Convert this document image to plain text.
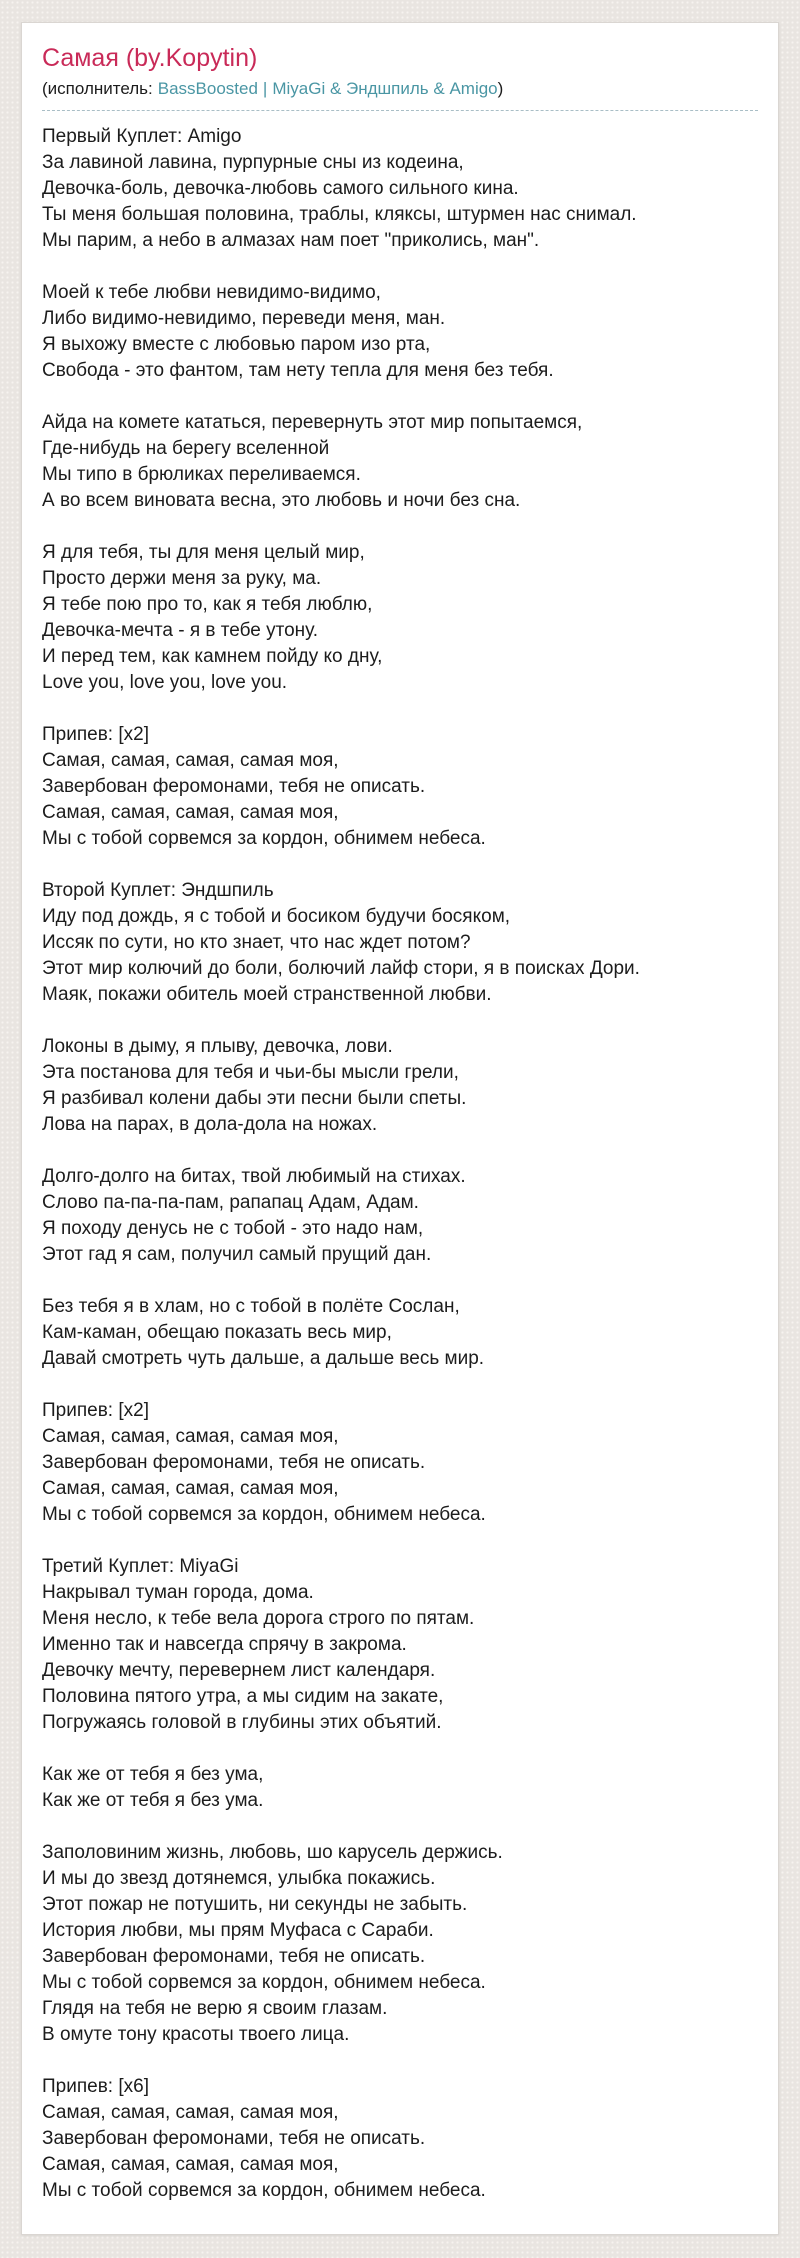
Самая (by.Kopytin)
(исполнитель: BassBoosted | MiyaGi & Эндшпиль & Amigo)

Первый Куплет: Amigo
За лавиной лавина, пурпурные сны из кодеина,
Девочка-боль, девочка-любовь самого сильного кина.
Ты меня большая половина, траблы, кляксы, штурмен нас снимал.
Мы парим, а небо в алмазах нам поет "приколись, ман".

Моей к тебе любви невидимо-видимо,
Либо видимо-невидимо, переведи меня, ман.
Я выхожу вместе с любовью паром изо рта,
Свобода - это фантом, там нету тепла для меня без тебя.

Айда на комете кататься, перевернуть этот мир попытаемся,
Где-нибудь на берегу вселенной
Мы типо в брюликах переливаемся.
А во всем виновата весна, это любовь и ночи без сна.

Я для тебя, ты для меня целый мир,
Просто держи меня за руку, ма.
Я тебе пою про то, как я тебя люблю,
Девочка-мечта - я в тебе утону.
И перед тем, как камнем пойду ко дну,
Love you, love you, love you.

Припев: [x2]
Самая, самая, самая, самая моя,
Завербован феромонами, тебя не описать.
Самая, самая, самая, самая моя,
Мы с тобой сорвемся за кордон, обнимем небеса.

Второй Куплет: Эндшпиль
Иду под дождь, я с тобой и босиком будучи босяком,
Иссяк по сути, но кто знает, что нас ждет потом?
Этот мир колючий до боли, болючий лайф стори, я в поисках Дори.
Маяк, покажи обитель моей странственной любви.

Локоны в дыму, я плыву, девочка, лови.
Эта постанова для тебя и чьи-бы мысли грели,
Я разбивал колени дабы эти песни были спеты.
Лова на парах, в дола-дола на ножах.

Долго-долго на битах, твой любимый на стихах.
Слово па-па-па-пам, рапапац Адам, Адам.
Я походу денусь не с тобой - это надо нам,
Этот гад я сам, получил самый прущий дан.

Без тебя я в хлам, но с тобой в полёте Сослан,
Кам-каман, обещаю показать весь мир,
Давай смотреть чуть дальше, а дальше весь мир.

Припев: [x2]
Самая, самая, самая, самая моя,
Завербован феромонами, тебя не описать.
Самая, самая, самая, самая моя,
Мы с тобой сорвемся за кордон, обнимем небеса.

Третий Куплет: MiyaGi
Накрывал туман города, дома.
Меня несло, к тебе вела дорога строго по пятам.
Именно так и навсегда спрячу в закрома.
Девочку мечту, перевернем лист календаря.
Половина пятого утра, а мы сидим на закате,
Погружаясь головой в глубины этих объятий.

Как же от тебя я без ума,
Как же от тебя я без ума.

Заполовиним жизнь, любовь, шо карусель держись.
И мы до звезд дотянемся, улыбка покажись.
Этот пожар не потушить, ни секунды не забыть.
История любви, мы прям Муфаса с Сараби.
Завербован феромонами, тебя не описать.
Мы с тобой сорвемся за кордон, обнимем небеса.
Глядя на тебя не верю я своим глазам.
В омуте тону красоты твоего лица.

Припев: [x6]
Самая, самая, самая, самая моя,
Завербован феромонами, тебя не описать.
Самая, самая, самая, самая моя,
Мы с тобой сорвемся за кордон, обнимем небеса.
